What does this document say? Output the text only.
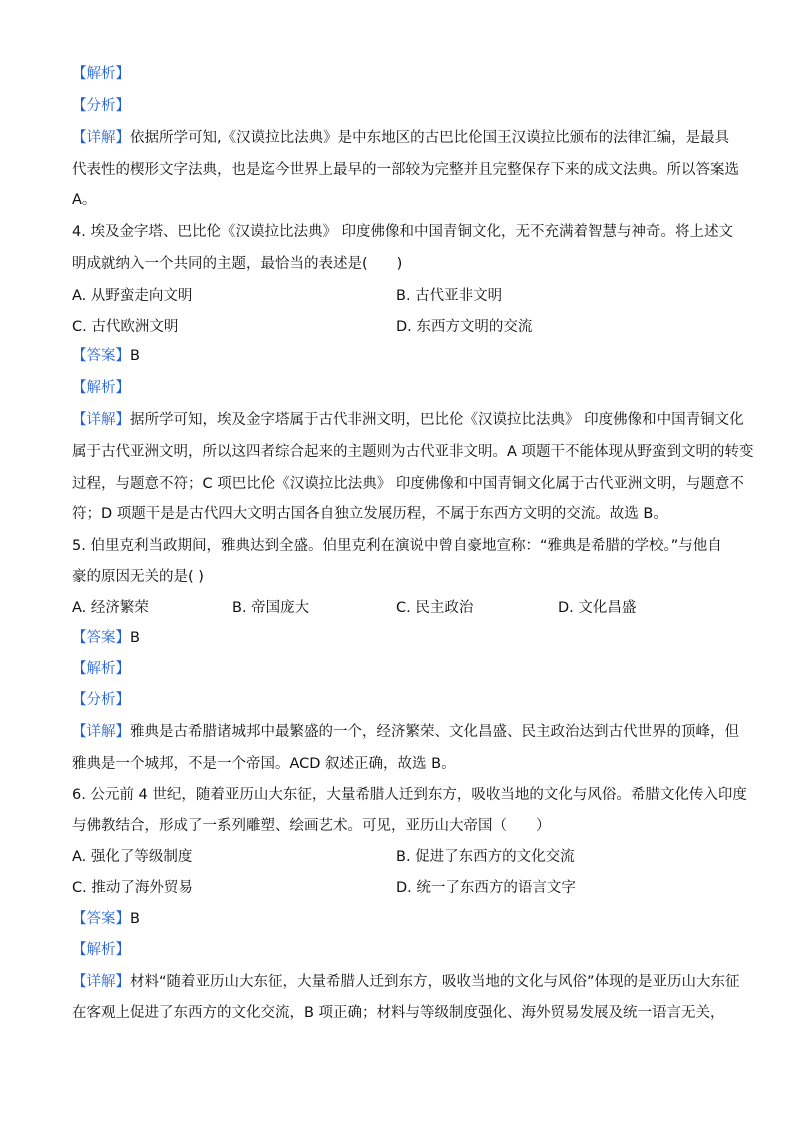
【解析】
【分析】
【详解】依据所学可知,《汉谟拉比法典》是中东地区的古巴比伦国王汉谟拉比颁布的法律汇编，是最具
代表性的楔形文字法典，也是迄今世界上最早的一部较为完整并且完整保存下来的成文法典。所以答案选
A。
4. 埃及金字塔、巴比伦《汉谟拉比法典》 印度佛像和中国青铜文化，无不充满着智慧与神奇。将上述文
明成就纳入一个共同的主题，最恰当的表述是(　　)
A. 从野蛮走向文明	B. 古代亚非文明
C. 古代欧洲文明	D. 东西方文明的交流
【答案】B
【解析】
【详解】据所学可知，埃及金字塔属于古代非洲文明，巴比伦《汉谟拉比法典》 印度佛像和中国青铜文化
属于古代亚洲文明，所以这四者综合起来的主题则为古代亚非文明。A 项题干不能体现从野蛮到文明的转变
过程，与题意不符；C 项巴比伦《汉谟拉比法典》 印度佛像和中国青铜文化属于古代亚洲文明，与题意不
符；D 项题干是是古代四大文明古国各自独立发展历程，不属于东西方文明的交流。故选 B。
5. 伯里克利当政期间，雅典达到全盛。伯里克利在演说中曾自豪地宣称：“雅典是希腊的学校。”与他自
豪的原因无关的是( )
A. 经济繁荣	B. 帝国庞大	C. 民主政治	D. 文化昌盛
【答案】B
【解析】
【分析】
【详解】雅典是古希腊诸城邦中最繁盛的一个，经济繁荣、文化昌盛、民主政治达到古代世界的顶峰，但
雅典是一个城邦，不是一个帝国。ACD 叙述正确，故选 B。
6. 公元前 4 世纪，随着亚历山大东征，大量希腊人迁到东方，吸收当地的文化与风俗。希腊文化传入印度
与佛教结合，形成了一系列雕塑、绘画艺术。可见，亚历山大帝国（　　）
A. 强化了等级制度	B. 促进了东西方的文化交流
C. 推动了海外贸易	D. 统一了东西方的语言文字
【答案】B
【解析】
【详解】材料“随着亚历山大东征，大量希腊人迁到东方，吸收当地的文化与风俗”体现的是亚历山大东征
在客观上促进了东西方的文化交流，B 项正确；材料与等级制度强化、海外贸易发展及统一语言无关，
